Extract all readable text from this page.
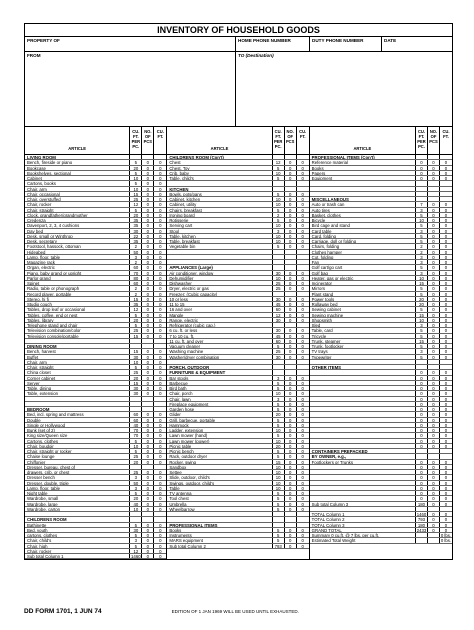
INVENTORY OF HOUSEHOLD GOODS
PROPERTY OF	HOME PHONE NUMBER	DUTY PHONE NUMBER	DATE
FROM	TO (Destination)
ARTICLE
CU. FT. PER PC.
NO. OF PCS
CU. FT.
LIVING ROOM
Bench, fireside or piano	5	0	0
Bookcase	20	0	0
Bookshelves, sectional	5	0	0
Cabinet	10	0	0
Cartons, books	5	0	0
Chair, arm	10	0	0
Chair, occasional	15	0	0
Chair, overstuffed	25	0	0
Chair, rocker	12	0	0
Chair, straight	5	0	0
Clock, grandfather/grandmother	20	0	0
Credenza	35	0	0
Davenport, 2, 3, 4 cushions	35	0	0
Day bed	30	0	0
Desk, small or Winthrop	22	0	0
Desk, secretary	35	0	0
Footstool, hassock, ottoman	2	0	0
Hideabed	50	0	0
Lamp, floor, table	3	0	0
Magazine rack	2	0	0
Organ, electric	60	0	0
Piano, baby grand or upright	70	0	0
Parlor grand	80	0	0
Spinet	60	0	0
Radio, table or phonograph	2	0	0
Record player, portable	2	0	0
Stereo, hi fi	15	0	0
Studio couch	35	0	0
Tables, drop leaf or occasional	12	0	0
Tables, coffee, end or nest	5	0	0
Tables, library	20	0	0
Telephone stand and chair	5	0	0
Television combination/color	25	0	0
Television console/portable	15	0	0
DINING ROOM
Bench, harvest	15	0	0
Buffet	30	0	0
Chair, arm	10	0	0
Chair, straight	5	0	0
China closet	25	0	0
Corner cabinet	20	0	0
Server	15	0	0
Table, dining	30	0	0
Table, extension	30	0	0
BEDROOM
Bed, incl. spring and mattress	60	0	0
Double	60	0	0
Single or Hollywood	40	0	0
Bunk (set of 2)	70	0	0
King size/Queen size	70	0	0
Cartons, clothes	5	0	0
Chair, boudoir	10	0	0
Chair, straight or rocker	5	0	0
Chaise lounge	25	0	0
Chiffonier	20	0	0
Dresser, bureau, chest of
drawers, crib, or chest	25	0	0
Dresser bench	3	0	0
Dresser, double, triple	50	0	0
Lamp, floor, table	3	0	0
Night table	5	0	0
Wardrobe, small	20	0	0
Wardrobe, large	40	0	0
Wardrobe, carton	10	0	0
CHILDRENS ROOM
Bathinette	5	0	0
Bed, youth	30	0	0
cartons, clothes	5	0	0
Chair, child's	3	0	0
Chair, high	5	0	0
Chair, rocker	12	0	0
Sub total Column 1	1460	0	0
ARTICLE
CU. FT. PER PC.
NO. OF PCS
CU. FT.
CHILDRENS ROOM (Con't)
Chest	12	0	0
Chest, Toy	5	0	0
Crib, baby	10	0	0
Table, child's	5	0	0
KITCHEN
Bowls, pots/pans	5	0	0
Cabinet, kitchen	10	0	0
Cabinet, utility	10	0	0
Chairs, breakfast	5	0	0
Ironing board	2	0	0
Rotisserie	5	0	0
Serving cart	10	0	0
Stool	3	0	0
Table, kitchen	10	0	0
Table, breakfast	10	0	0
Vegetable bin	5	0	0
APPLIANCES (Large)
Air conditioner, window	30	0	0
Dehumidifier	10	0	0
Dishwasher	25	0	0
Dryer, electric or gas	25	0	0
Freezer: (Cubic capacity)
10 or less	30	0	0
11 to 15	45	0	0
16 and over	60	0	0
Mangle	12	0	0
Range, electric	30	0	0
Refrigerator (cubic cap.)
6 cu. ft. or less	30	0	0
7 to 10 cu. ft.	45	0	0
11 cu. ft. and over	60	0	0
Vacuum cleaner	5	0	0
Washing machine	25	0	0
Washer/dryer combination	30	0	0
PORCH, OUTDOOR
FURNITURE & EQUIPMENT
Bar stools	3	0	0
Barbecue	5	0	0
Bird bath	5	0	0
Chair, porch	10	0	0
Chair, lawn	3	0	0
Fireplace equipment	5	0	0
Garden hose	5	0	0
Glider	20	0	0
Grill, barbecue, portable	5	0	0
Hammock	5	0	0
Ladder, extension	10	0	0
Lawn mower (hand)	5	0	0
Lawn mower (power)	10	0	0
Picnic table	20	0	0
Picnic bench	5	0	0
Rack, outdoor dryer	5	0	0
Rocker, swing	15	0	0
Sandbox	10	0	0
Settee	10	0	0
Slide, outdoor, child's	10	0	0
Swings, outdoor, child's	10	0	0
Table	10	0	0
TV antenna	5	0	0
Tool chest	5	0	0
Umbrella	5	0	0
Wheelbarrow	5	0	0
PROFESSIONAL ITEMS
Books	5	0	0
Instruments	5	0	0
MARS equipment	5	0	0
Sub total Column 2	793	0	0
ARTICLE
CU. FT. PER PC.
NO. OF PCS
CU. FT.
PROFESSIONAL ITEMS (Con't)
Reference material	0	0	0
Books	0	0	0
Papers	0	0	0
Equipment	0	0	0
MISCELLANEOUS
Auto or trash can	7	0	0
Auto tires	3	0	0
Basket, clothes	5	0	0
Bicycle	10	0	0
Bird cage and stand	5	0	0
Card table	3	0	0
Card, folding	5	0	0
Carriage, doll or folding	5	0	0
Chairs, folding	2	0	0
Clothes hamper	2	0	0
Cot, folding	3	0	0
Fan	3	0	0
Golf cart/go cart	5	0	0
Golf bag	3	0	0
Heater, gas or electric	10	0	0
Incinerator	15	0	0
Mirrors	5	0	0
Plant stand	5	0	0
Power tools	20	0	0
Rollaway bed	20	0	0
Sewing cabinet	5	0	0
Sewing machine	15	0	0
Shopsmith	10	0	0
Sled	3	0	0
Table, card	5	0	0
Tricycle	5	0	0
Trunk, steamer	15	0	0
Trunk, footlocker	5	0	0
TV trays	3	0	0
Typewriter	5	0	0
OTHER ITEMS
0	0	0
0	0	0
0	0	0
0	0	0
0	0	0
0	0	0
0	0	0
0	0	0
0	0	0
0	0	0
0	0	0
0	0	0
0	0	0
0	0	0
0	0	0
CONTAINERS PREPACKED
BY OWNER, e.g.,
Footlockers or Trunks	0	0	0
0	0	0
0	0	0
0	0	0
0	0	0
0	0	0
0	0	0
0	0	0
Sub total Column 3	180	0	0
TOTAL Column 1	1460	0	0
TOTAL Column 2	793	0	0
TOTAL Column 3	180	0	0
GRAND TOTAL	2433	0	0
Summary 0 cu.ft. @ 7 lbs. per cu.ft.	0 lbs.
Estimated Total Weight	0 lbs.
DD FORM 1701, 1 JUN 74	EDITION OF 1 JAN 1969 WILL BE USED UNTIL EXHAUSTED.
